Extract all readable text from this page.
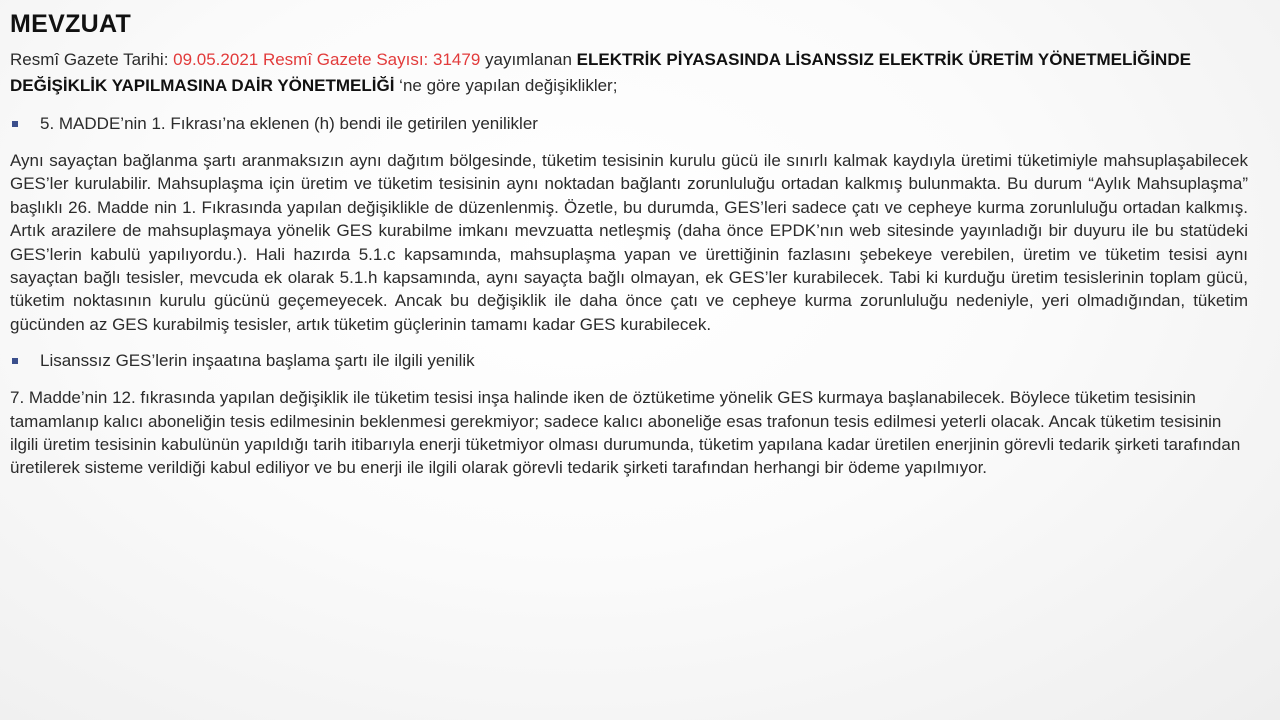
MEVZUAT

Resmî Gazete Tarihi: 09.05.2021 Resmî Gazete Sayısı: 31479 yayımlanan ELEKTRİK PİYASASINDA LİSANSSIZ ELEKTRİK ÜRETİM YÖNETMELİĞİNDE DEĞİŞİKLİK YAPILMASINA DAİR YÖNETMELİĞİ ‘ne göre yapılan değişiklikler;

5. MADDE’nin 1. Fıkrası’na eklenen (h) bendi ile getirilen yenilikler

Aynı sayaçtan bağlanma şartı aranmaksızın aynı dağıtım bölgesinde, tüketim tesisinin kurulu gücü ile sınırlı kalmak kaydıyla üretimi tüketimiyle mahsuplaşabilecek GES’ler kurulabilir. Mahsuplaşma için üretim ve tüketim tesisinin aynı noktadan bağlantı zorunluluğu ortadan kalkmış bulunmakta. Bu durum “Aylık Mahsuplaşma” başlıklı 26. Madde nin 1. Fıkrasında yapılan değişiklikle de düzenlenmiş. Özetle, bu durumda, GES’leri sadece çatı ve cepheye kurma zorunluluğu ortadan kalkmış. Artık arazilere de mahsuplaşmaya yönelik GES kurabilme imkanı mevzuatta netleşmiş (daha önce EPDK’nın web sitesinde yayınladığı bir duyuru ile bu statüdeki GES’lerin kabulü yapılıyordu.). Hali hazırda 5.1.c kapsamında, mahsuplaşma yapan ve ürettiğinin fazlasını şebekeye verebilen, üretim ve tüketim tesisi aynı sayaçtan bağlı tesisler, mevcuda ek olarak 5.1.h kapsamında, aynı sayaçta bağlı olmayan, ek GES’ler kurabilecek. Tabi ki kurduğu üretim tesislerinin toplam gücü, tüketim noktasının kurulu gücünü geçemeyecek. Ancak bu değişiklik ile daha önce çatı ve cepheye kurma zorunluluğu nedeniyle, yeri olmadığından, tüketim gücünden az GES kurabilmiş tesisler, artık tüketim güçlerinin tamamı kadar GES kurabilecek.

Lisanssız GES’lerin inşaatına başlama şartı ile ilgili yenilik

7. Madde’nin 12. fıkrasında yapılan değişiklik ile tüketim tesisi inşa halinde iken de öztüketime yönelik GES kurmaya başlanabilecek. Böylece tüketim tesisinin tamamlanıp kalıcı aboneliğin tesis edilmesinin beklenmesi gerekmiyor; sadece kalıcı aboneliğe esas trafonun tesis edilmesi yeterli olacak. Ancak tüketim tesisinin ilgili üretim tesisinin kabulünün yapıldığı tarih itibarıyla enerji tüketmiyor olması durumunda, tüketim yapılana kadar üretilen enerjinin görevli tedarik şirketi tarafından üretilerek sisteme verildiği kabul ediliyor ve bu enerji ile ilgili olarak görevli tedarik şirketi tarafından herhangi bir ödeme yapılmıyor.
